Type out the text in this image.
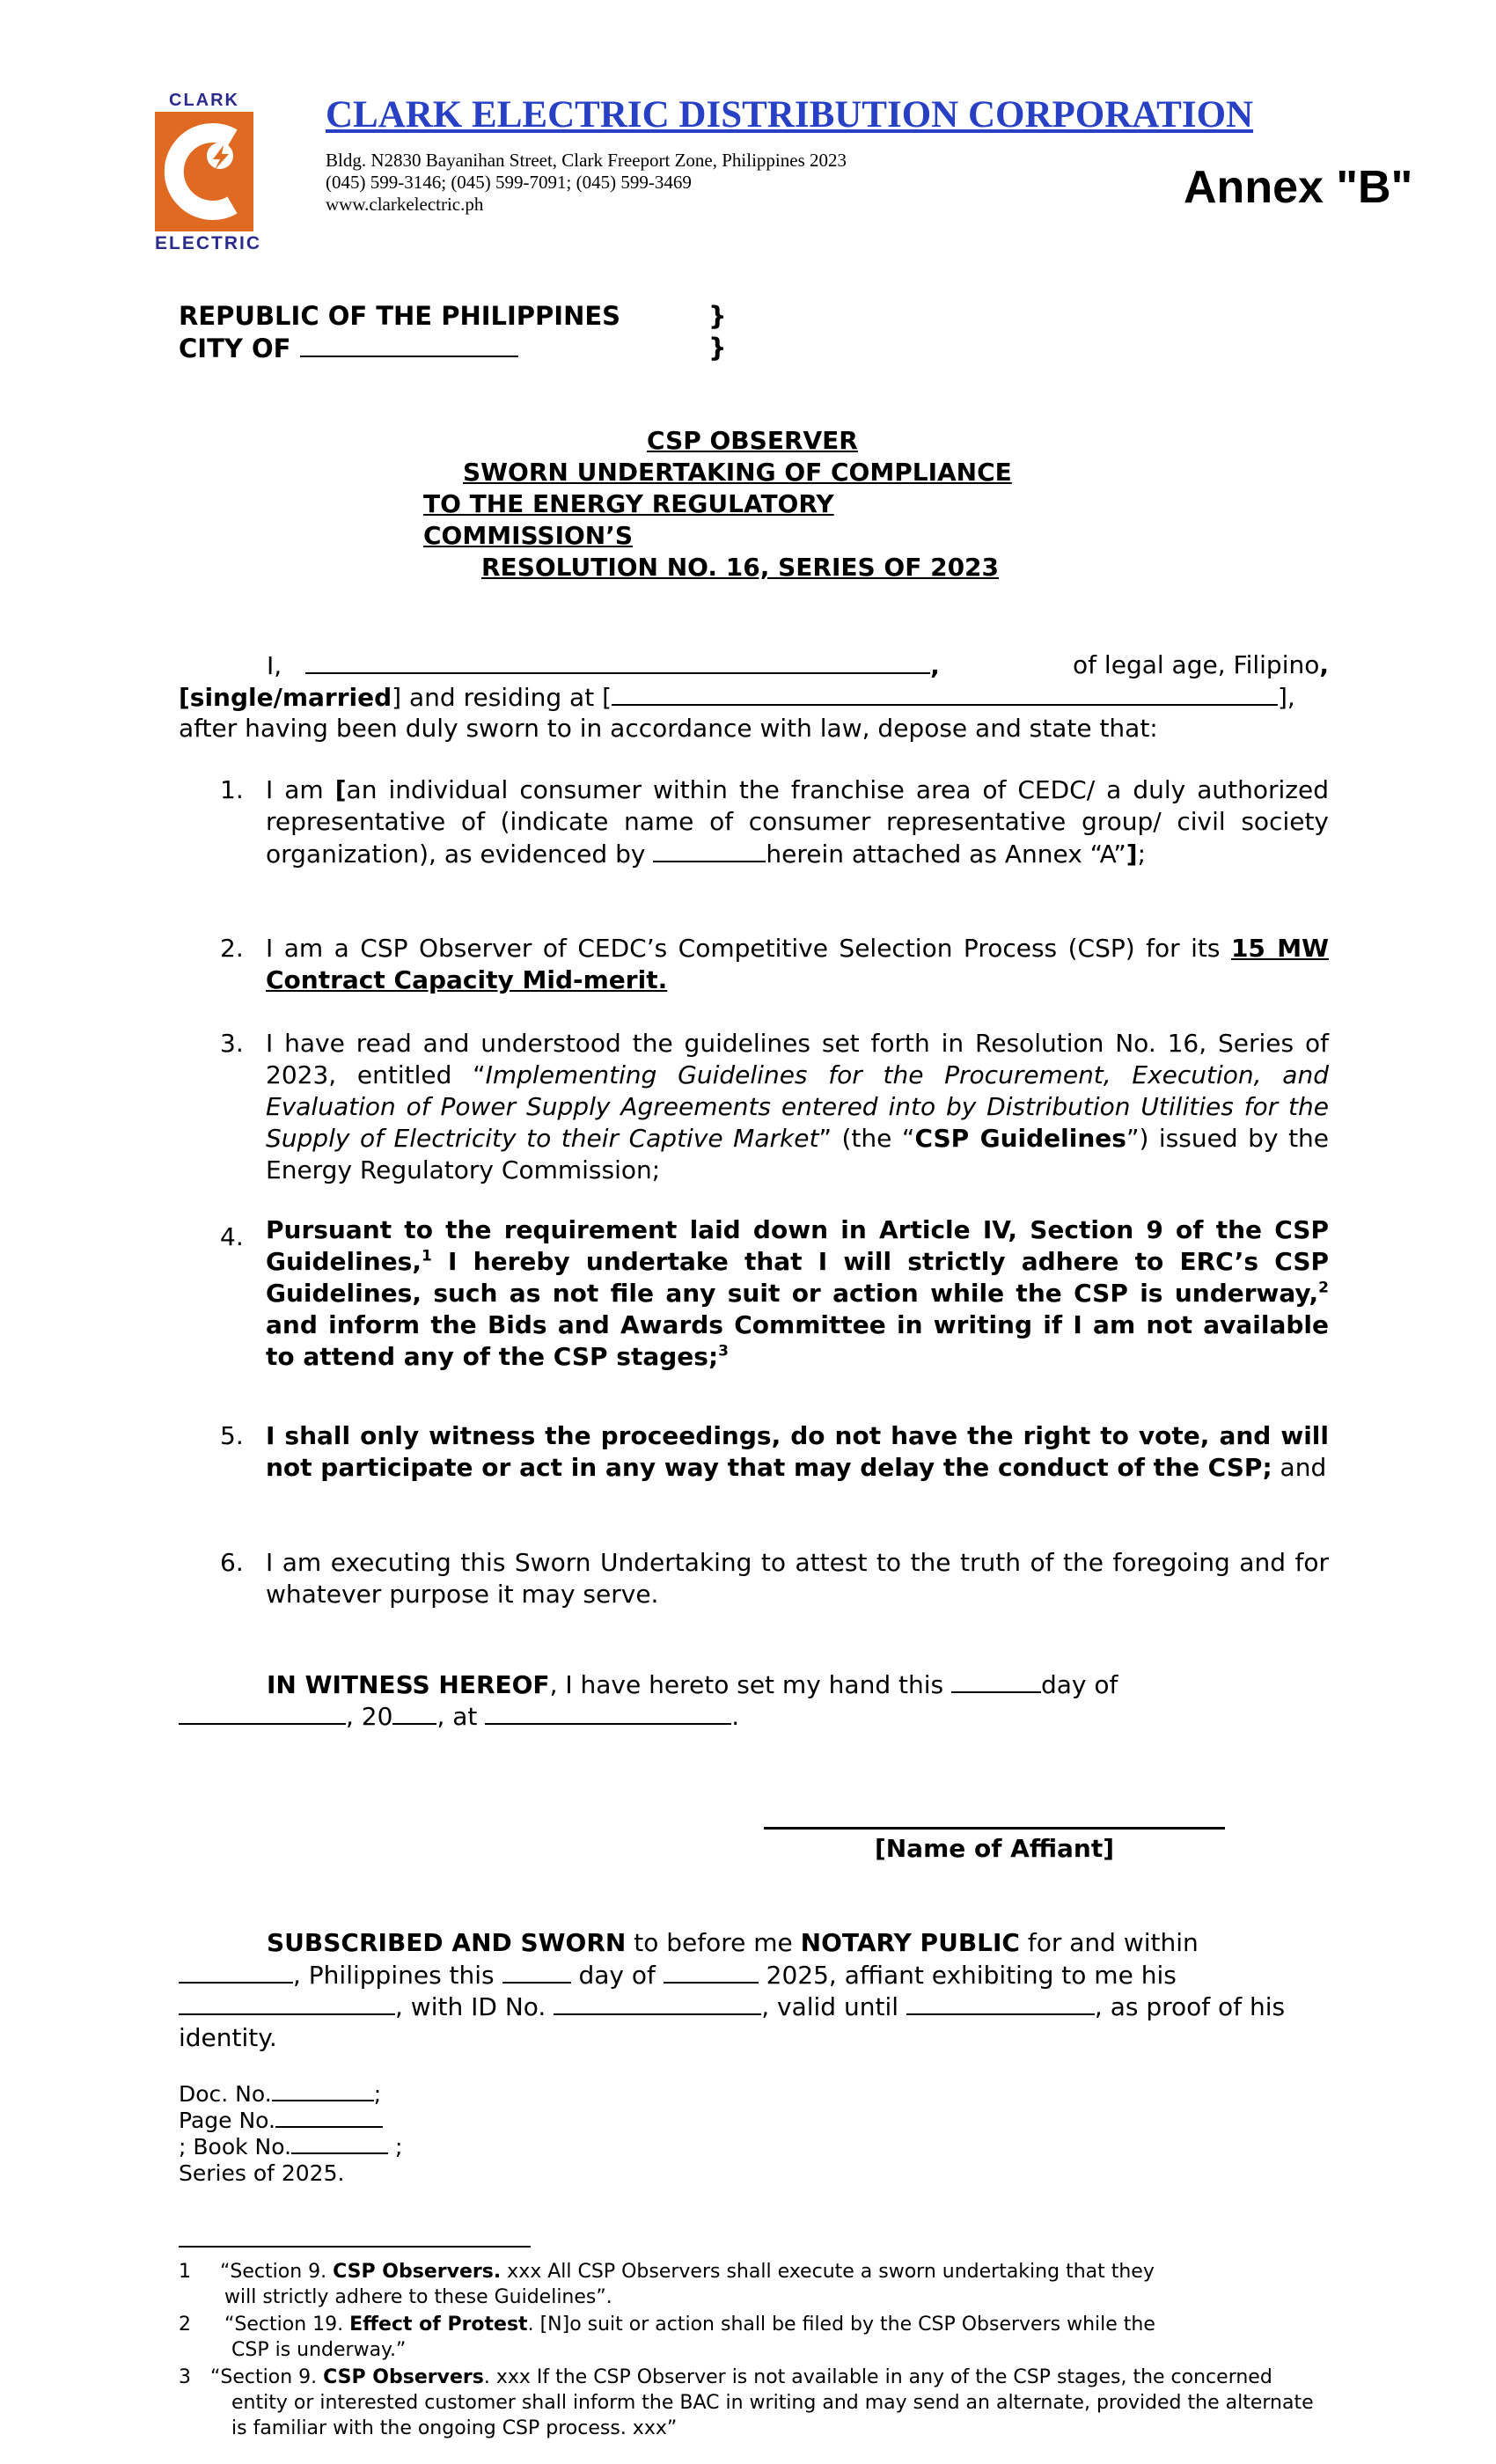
CLARK
ELECTRIC
CLARK ELECTRIC DISTRIBUTION CORPORATION
Bldg. N2830 Bayanihan Street, Clark Freeport Zone, Philippines 2023
(045) 599-3146; (045) 599-7091; (045) 599-3469
www.clarkelectric.ph	Annex "B"
REPUBLIC OF THE PHILIPPINES	}
CITY OF	}
CSP OBSERVER
SWORN UNDERTAKING OF COMPLIANCE
TO THE ENERGY REGULATORY
COMMISSION’S
RESOLUTION NO. 16, SERIES OF 2023
I,	,	of legal age, Filipino,
[single/married] and residing at [	],
after having been duly sworn to in accordance with law, depose and state that:
1. I am [an individual consumer within the franchise area of CEDC/ a duly authorized representative of (indicate name of consumer representative group/ civil society organization), as evidenced by	herein attached as Annex “A”];
2. I am a CSP Observer of CEDC’s Competitive Selection Process (CSP) for its 15 MW Contract Capacity Mid-merit.
3. I have read and understood the guidelines set forth in Resolution No. 16, Series of 2023, entitled “Implementing Guidelines for the Procurement, Execution, and Evaluation of Power Supply Agreements entered into by Distribution Utilities for the Supply of Electricity to their Captive Market” (the “CSP Guidelines”) issued by the Energy Regulatory Commission;
4. Pursuant to the requirement laid down in Article IV, Section 9 of the CSP Guidelines,$^1$ I hereby undertake that I will strictly adhere to ERC’s CSP Guidelines, such as not file any suit or action while the CSP is underway,$^2$ and inform the Bids and Awards Committee in writing if I am not available to attend any of the CSP stages;$^3$
5. I shall only witness the proceedings, do not have the right to vote, and will not participate or act in any way that may delay the conduct of the CSP; and
6. I am executing this Sworn Undertaking to attest to the truth of the foregoing and for whatever purpose it may serve.
IN WITNESS HEREOF, I have hereto set my hand this	day of
, 20 , at	.
[Name of Affiant]
SUBSCRIBED AND SWORN to before me NOTARY PUBLIC for and within
, Philippines this	day of	2025, affiant exhibiting to me his
, with ID No.	, valid until	, as proof of his
identity.
Doc. No.	;
Page No.
; Book No.	;
Series of 2025.
1 “Section 9. CSP Observers. xxx All CSP Observers shall execute a sworn undertaking that they
will strictly adhere to these Guidelines”.
2 “Section 19. Effect of Protest. [N]o suit or action shall be filed by the CSP Observers while the
CSP is underway.”
3 “Section 9. CSP Observers. xxx If the CSP Observer is not available in any of the CSP stages, the concerned
entity or interested customer shall inform the BAC in writing and may send an alternate, provided the alternate
is familiar with the ongoing CSP process. xxx”
